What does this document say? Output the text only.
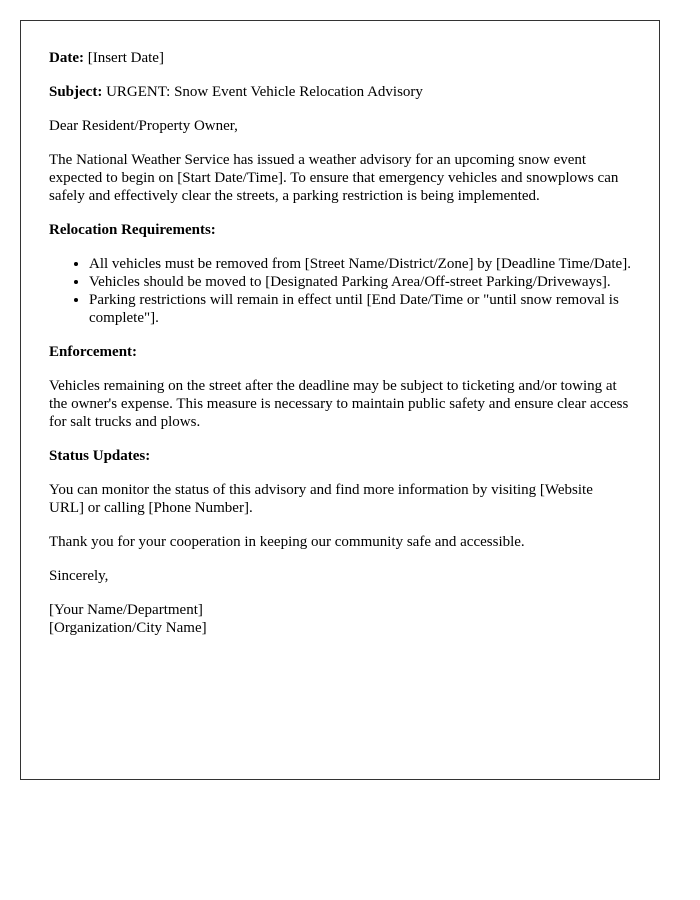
Date: [Insert Date]

Subject: URGENT: Snow Event Vehicle Relocation Advisory

Dear Resident/Property Owner,

The National Weather Service has issued a weather advisory for an upcoming snow event expected to begin on [Start Date/Time]. To ensure that emergency vehicles and snowplows can safely and effectively clear the streets, a parking restriction is being implemented.

Relocation Requirements:

• All vehicles must be removed from [Street Name/District/Zone] by [Deadline Time/Date].
• Vehicles should be moved to [Designated Parking Area/Off-street Parking/Driveways].
• Parking restrictions will remain in effect until [End Date/Time or "until snow removal is complete"].

Enforcement:

Vehicles remaining on the street after the deadline may be subject to ticketing and/or towing at the owner's expense. This measure is necessary to maintain public safety and ensure clear access for salt trucks and plows.

Status Updates:

You can monitor the status of this advisory and find more information by visiting [Website URL] or calling [Phone Number].

Thank you for your cooperation in keeping our community safe and accessible.

Sincerely,

[Your Name/Department]

[Organization/City Name]
